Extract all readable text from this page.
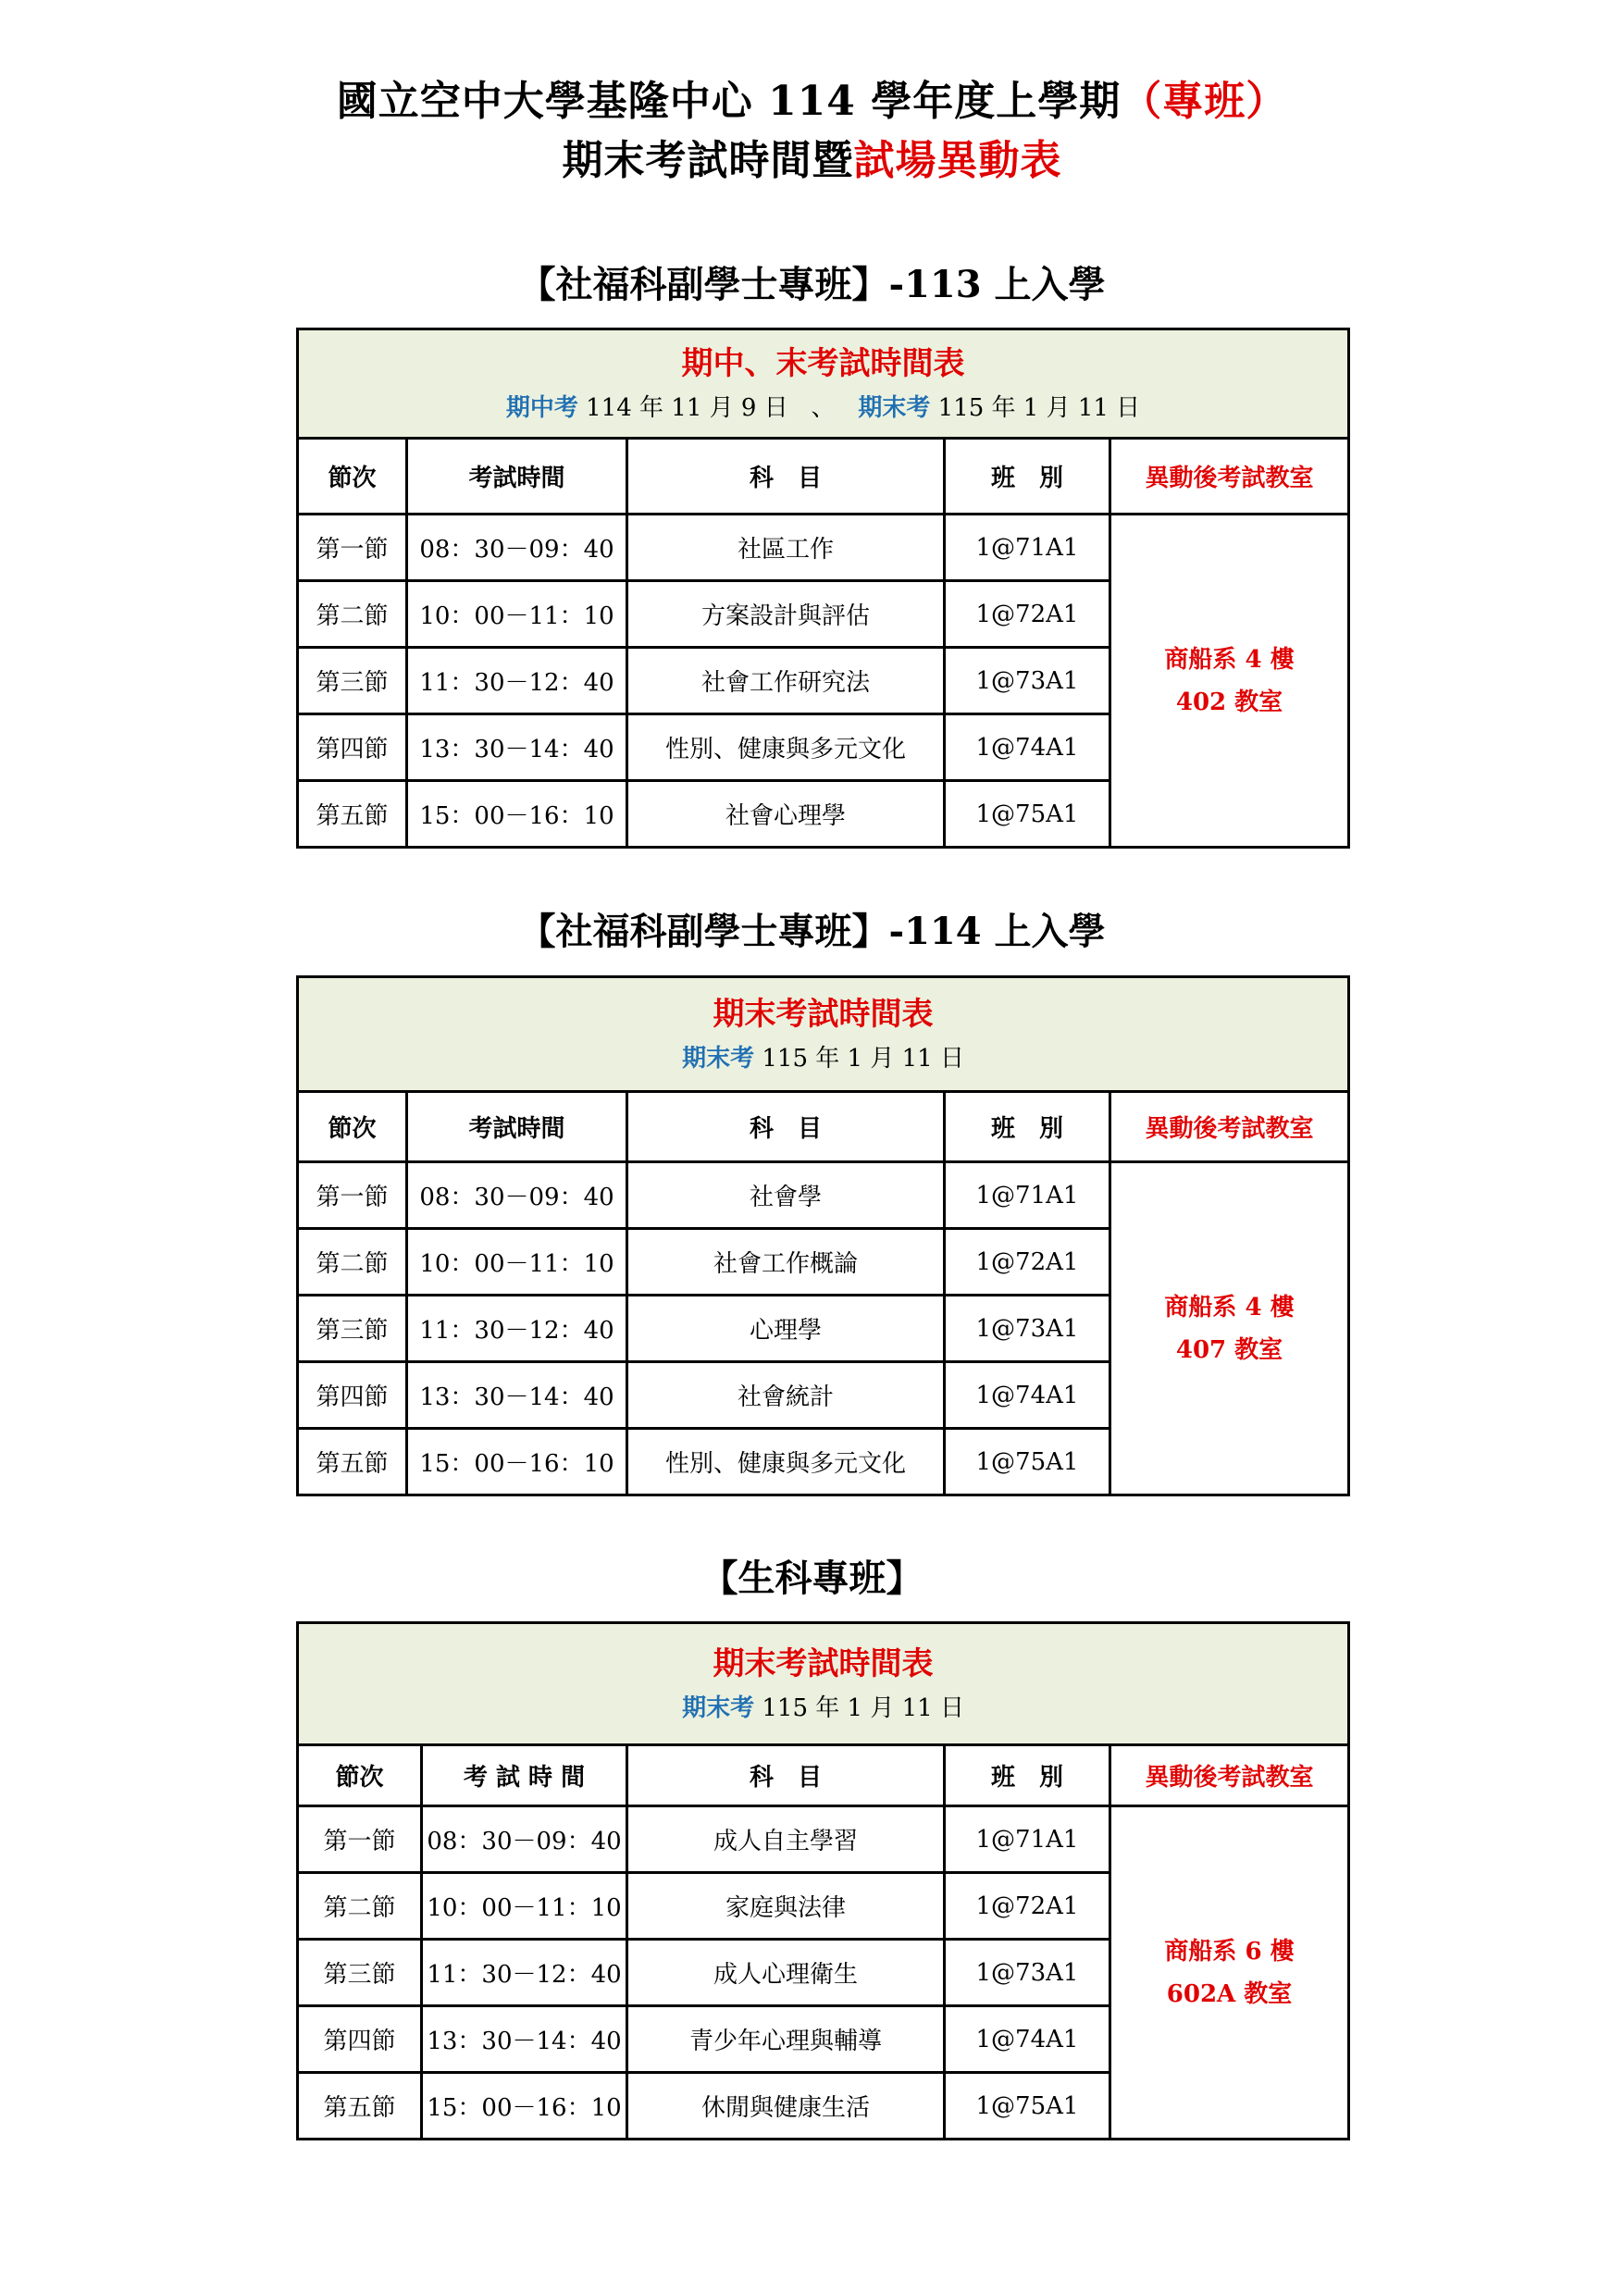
國立空中大學基隆中心 114 學年度上學期（專班）
期末考試時間暨試場異動表
【社福科副學士專班】-113 上入學
期中、末考試時間表
期中考 114 年 11 月 9 日 、 期末考 115 年 1 月 11 日				

節次	考試時間	科　目	班　別	異動後考試教室
第一節	08：30－09：40	社區工作	1@71A1	商船系 4 樓
402 教室

第二節	10：00－11：10	方案設計與評估	1@72A1	
第三節	11：30－12：40	社會工作研究法	1@73A1	
第四節	13：30－14：40	性別、健康與多元文化	1@74A1	
第五節	15：00－16：10	社會心理學	1@75A1	
【社福科副學士專班】-114 上入學
期末考試時間表
期末考 115 年 1 月 11 日				

節次	考試時間	科　目	班　別	異動後考試教室
第一節	08：30－09：40	社會學	1@71A1	商船系 4 樓
407 教室

第二節	10：00－11：10	社會工作概論	1@72A1	
第三節	11：30－12：40	心理學	1@73A1	
第四節	13：30－14：40	社會統計	1@74A1	
第五節	15：00－16：10	性別、健康與多元文化	1@75A1	
【生科專班】
期末考試時間表
期末考 115 年 1 月 11 日				

節次	考 試 時 間	科　目	班　別	異動後考試教室
第一節	08：30－09：40	成人自主學習	1@71A1	商船系 6 樓
602A 教室

第二節	10：00－11：10	家庭與法律	1@72A1	
第三節	11：30－12：40	成人心理衛生	1@73A1	
第四節	13：30－14：40	青少年心理與輔導	1@74A1	
第五節	15：00－16：10	休閒與健康生活	1@75A1	
